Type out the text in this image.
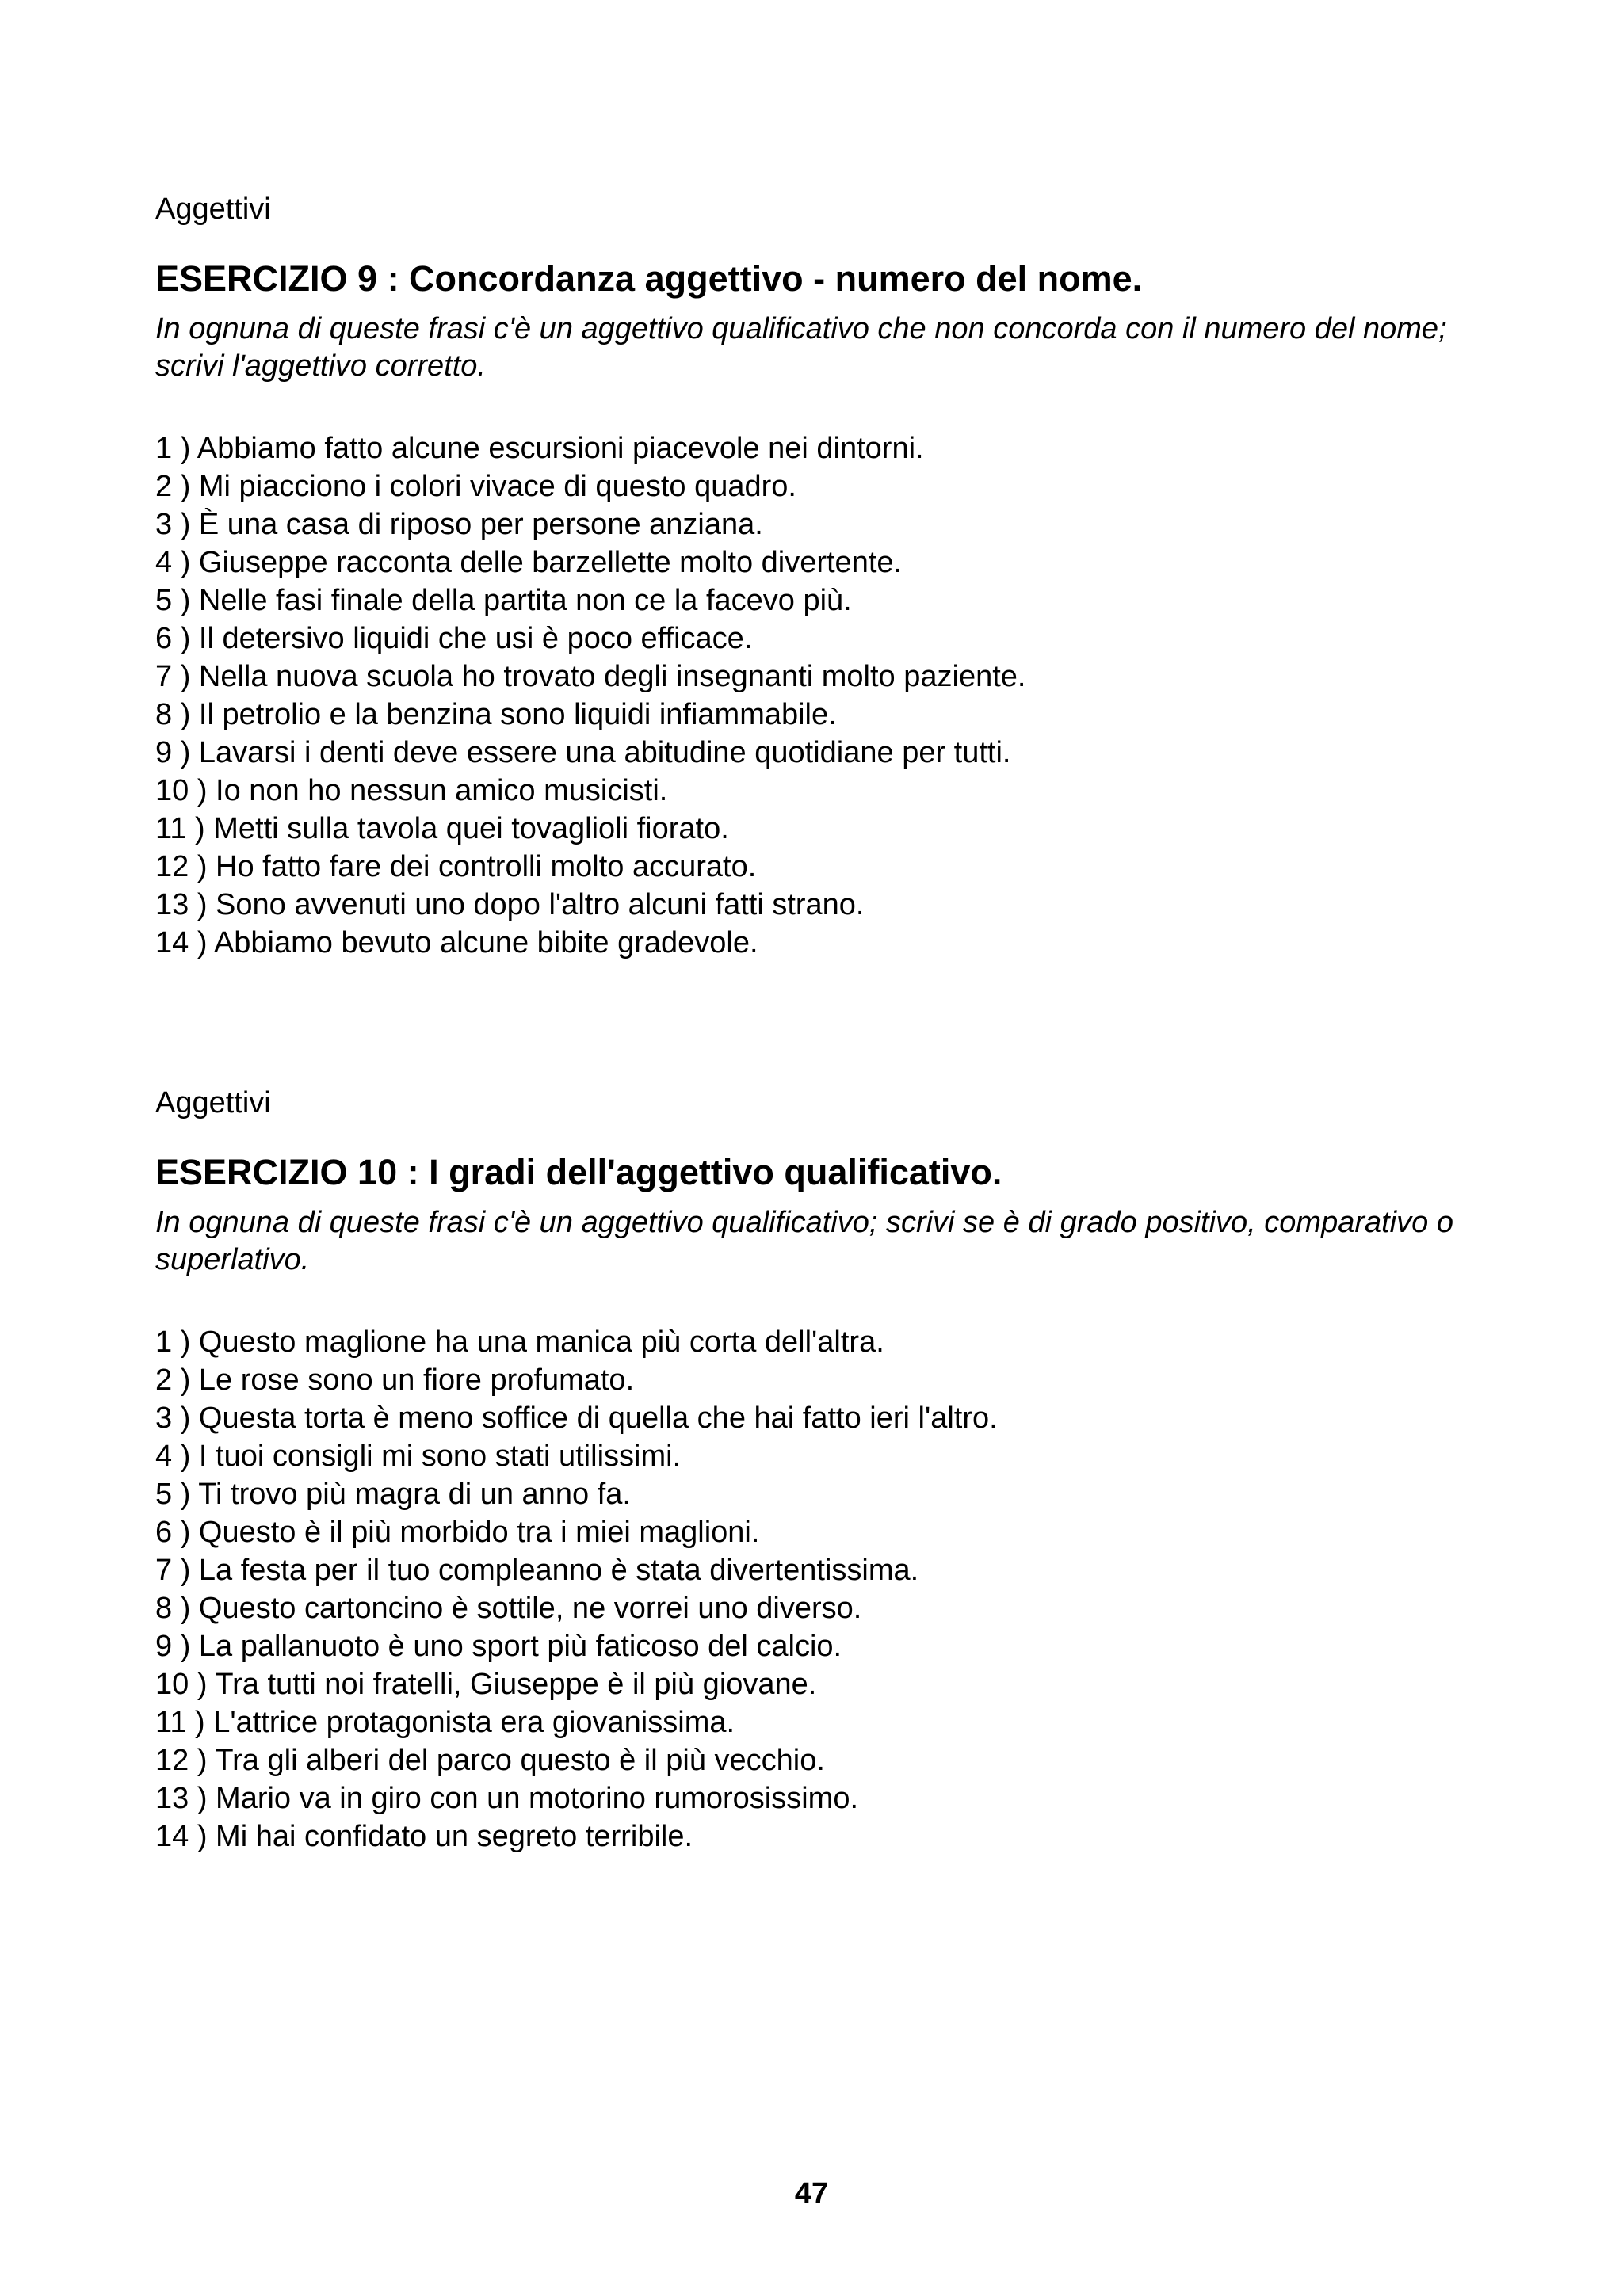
Aggettivi

ESERCIZIO 9 : Concordanza aggettivo - numero del nome.

In ognuna di queste frasi c'è un aggettivo qualificativo che non concorda con il numero del nome; scrivi l'aggettivo corretto.

1 ) Abbiamo fatto alcune escursioni piacevole nei dintorni.
2 ) Mi piacciono i colori vivace di questo quadro.
3 ) È una casa di riposo per persone anziana.
4 ) Giuseppe racconta delle barzellette molto divertente.
5 ) Nelle fasi finale della partita non ce la facevo più.
6 ) Il detersivo liquidi che usi è poco efficace.
7 ) Nella nuova scuola ho trovato degli insegnanti molto paziente.
8 ) Il petrolio e la benzina sono liquidi infiammabile.
9 ) Lavarsi i denti deve essere una abitudine quotidiane per tutti.
10 ) Io non ho nessun amico musicisti.
11 ) Metti sulla tavola quei tovaglioli fiorato.
12 ) Ho fatto fare dei controlli molto accurato.
13 ) Sono avvenuti uno dopo l'altro alcuni fatti strano.
14 ) Abbiamo bevuto alcune bibite gradevole.

Aggettivi

ESERCIZIO 10 : I gradi dell'aggettivo qualificativo.

In ognuna di queste frasi c'è un aggettivo qualificativo; scrivi se è di grado positivo, comparativo o superlativo.

1 ) Questo maglione ha una manica più corta dell'altra.
2 ) Le rose sono un fiore profumato.
3 ) Questa torta è meno soffice di quella che hai fatto ieri l'altro.
4 ) I tuoi consigli mi sono stati utilissimi.
5 ) Ti trovo più magra di un anno fa.
6 ) Questo è il più morbido tra i miei maglioni.
7 ) La festa per il tuo compleanno è stata divertentissima.
8 ) Questo cartoncino è sottile, ne vorrei uno diverso.
9 ) La pallanuoto è uno sport più faticoso del calcio.
10 ) Tra tutti noi fratelli, Giuseppe è il più giovane.
11 ) L'attrice protagonista era giovanissima.
12 ) Tra gli alberi del parco questo è il più vecchio.
13 ) Mario va in giro con un motorino rumorosissimo.
14 ) Mi hai confidato un segreto terribile.
47
